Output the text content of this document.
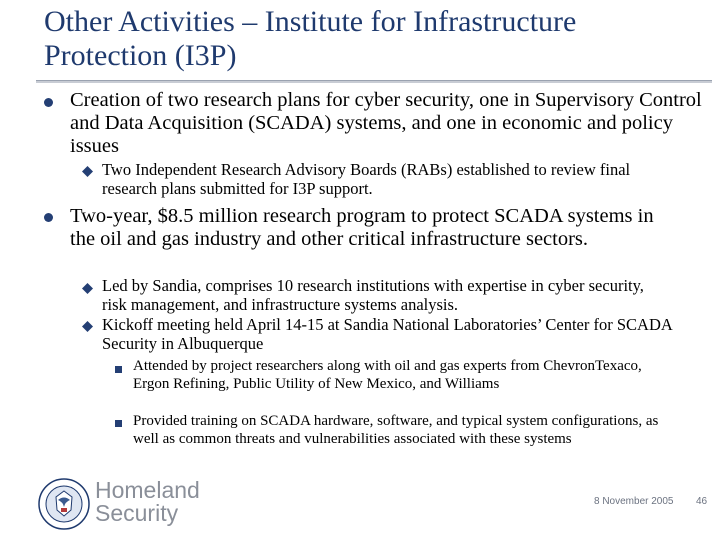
Other Activities – Institute for Infrastructure Protection (I3P)
Creation of two research plans for cyber security, one in Supervisory Control and Data Acquisition (SCADA) systems, and one in economic and policy issues
Two Independent Research Advisory Boards (RABs) established to review final research plans submitted for I3P support.
Two-year, $8.5 million research program to protect SCADA systems in the oil and gas industry and other critical infrastructure sectors.
Led by Sandia, comprises 10 research institutions with expertise in cyber security, risk management, and infrastructure systems analysis.
Kickoff meeting held April 14-15 at Sandia National Laboratories’ Center for SCADA Security in Albuquerque
Attended by project researchers along with oil and gas experts from ChevronTexaco, Ergon Refining, Public Utility of New Mexico, and Williams
Provided training on SCADA hardware, software, and typical system configurations, as well as common threats and vulnerabilities associated with these systems
Homeland
Security	8 November 2005 46
